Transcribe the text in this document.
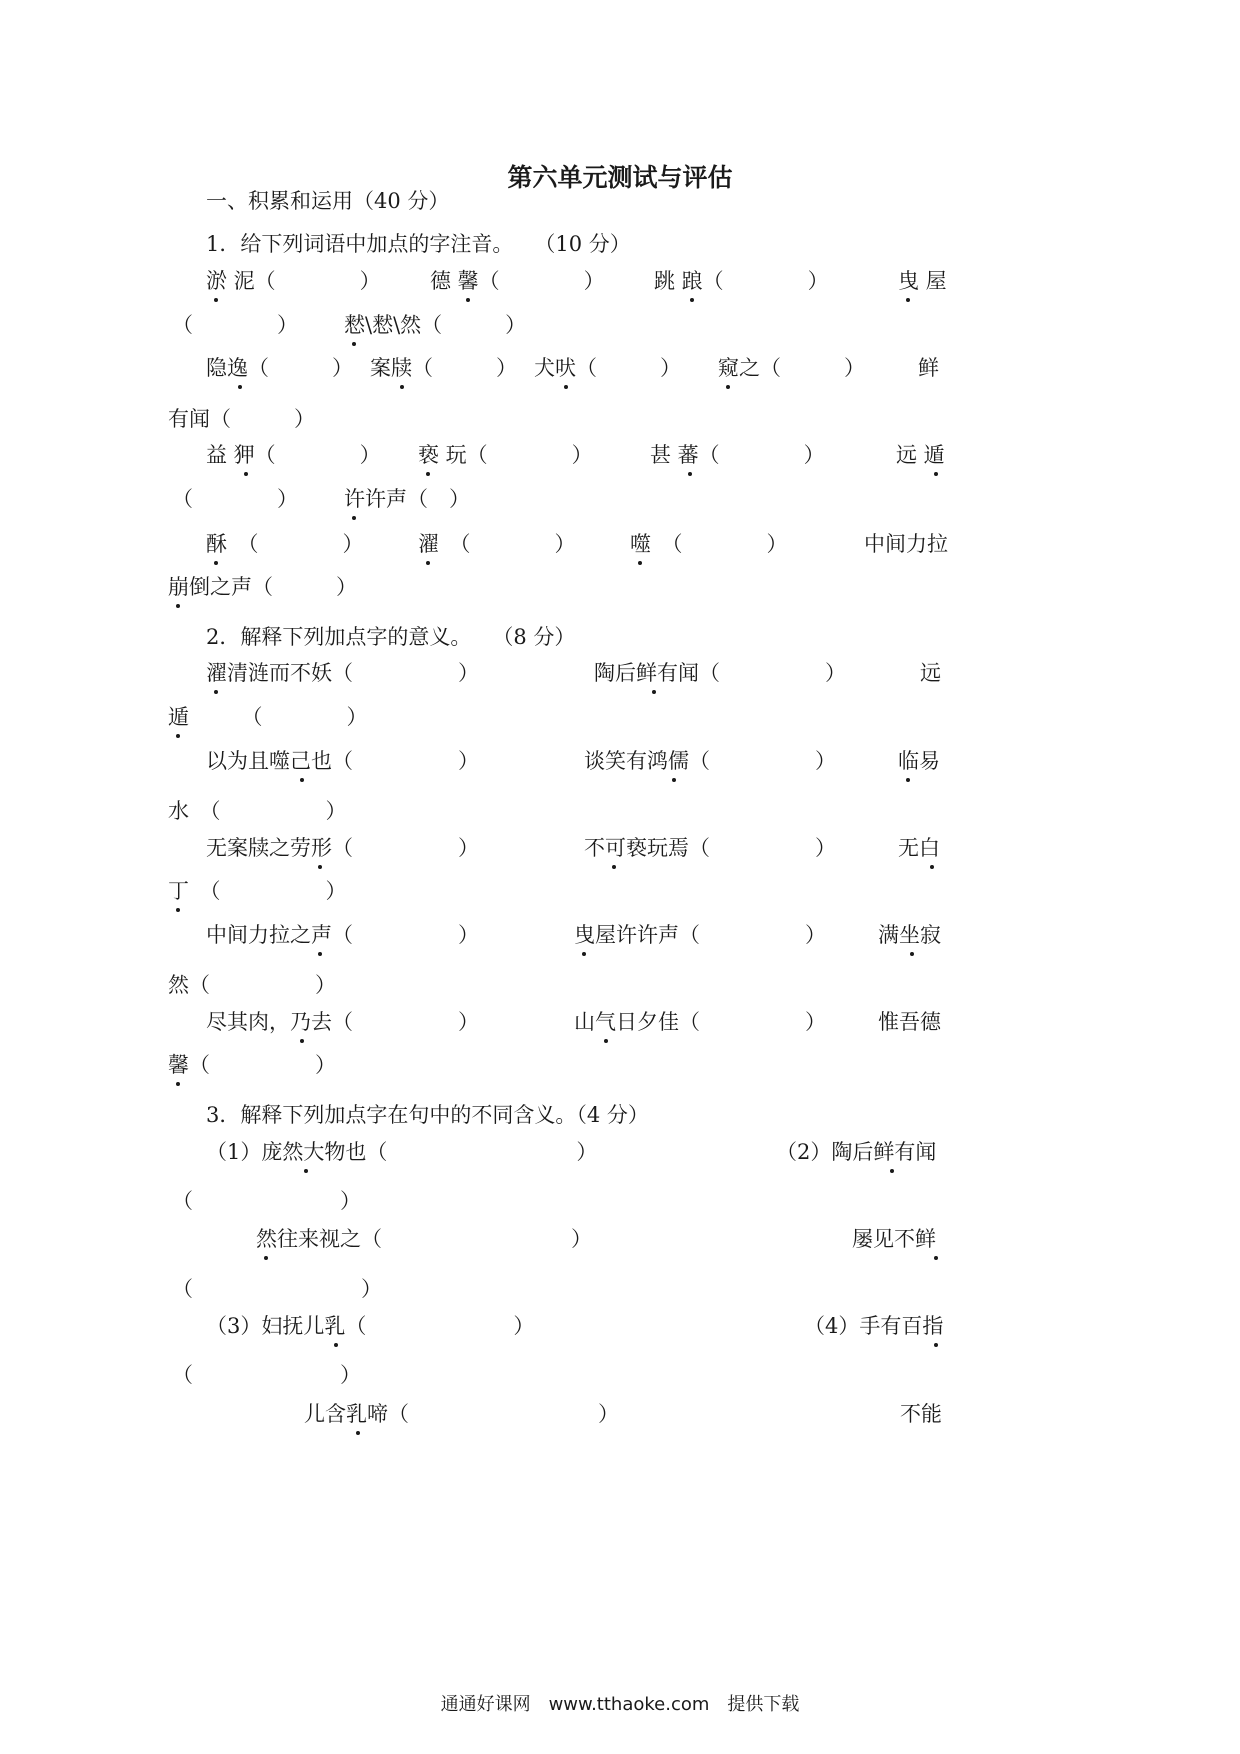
第六单元测试与评估
一、积累和运用（40 分）
1．给下列词语中加点的字注音。　　（10 分）
淤 泥（　　　　） 德 馨（　　　　） 跳 踉（　　　　）	曳 屋
（　　　　） 慭\慭\然（　　　）
隐逸（　　　） 案牍（　　　） 犬吠（　　　） 窥之（　　　）	鲜
有闻（　　　）
益 狎（　　　　） 亵 玩（　　　　）	甚 蕃（　　　　）	远 遁
（　　　　） 许许声（　）
酥　（　　　　）	濯　（　　　　）	噬　（　　　　）	中间力拉
崩倒之声（　　　）
2．解释下列加点字的意义。　　（8 分）
濯清涟而不妖（　　　　　）	陶后鲜有闻（　　　　　）	远
遁　　　（　　　　）
以为且噬己也（　　　　　）	谈笑有鸿儒（　　　　　）	临易
水　（　　　　　）
无案牍之劳形（　　　　　）	不可亵玩焉（　　　　　）	无白
丁　（　　　　　）
中间力拉之声（　　　　　）	曳屋许许声（　　　　　） 满坐寂
然（　　　　　）
尽其肉，乃去（　　　　　）	山气日夕佳（　　　　　） 惟吾德
馨（　　　　　）
3．解释下列加点字在句中的不同含义。（4 分）
（1）庞然大物也（　　　　　　　　　）	（2）陶后鲜有闻
（　　　　　　　）
然往来视之（　　　　　　　　　）	屡见不鲜
（　　　　　　　　）
（3）妇抚儿乳（　　　　　　　）	（4）手有百指
（　　　　　　　）
儿含乳啼（　　　　　　　　　）	不能
通通好课网　www.tthaoke.com　提供下载
